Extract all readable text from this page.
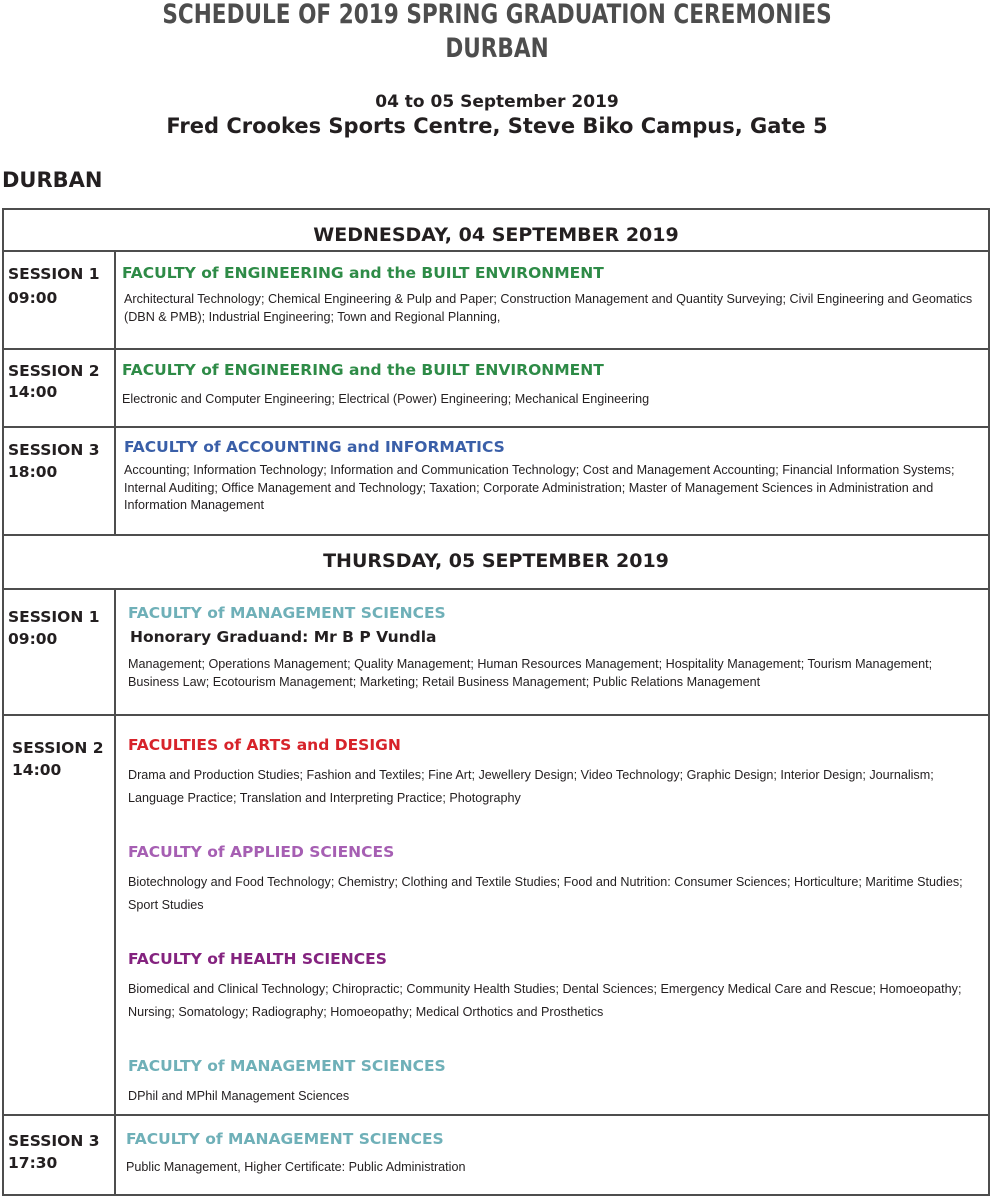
SCHEDULE OF 2019 SPRING GRADUATION CEREMONIES
DURBAN
04 to 05 September 2019
Fred Crookes Sports Centre, Steve Biko Campus, Gate 5
DURBAN
WEDNESDAY, 04 SEPTEMBER 2019
SESSION 1
09:00
FACULTY of ENGINEERING and the BUILT ENVIRONMENT
Architectural Technology; Chemical Engineering & Pulp and Paper; Construction Management and Quantity Surveying; Civil Engineering and Geomatics (DBN & PMB); Industrial Engineering; Town and Regional Planning,
SESSION 2
14:00
FACULTY of ENGINEERING and the BUILT ENVIRONMENT
Electronic and Computer Engineering; Electrical (Power) Engineering; Mechanical Engineering
SESSION 3
18:00
FACULTY of ACCOUNTING and INFORMATICS
Accounting; Information Technology; Information and Communication Technology; Cost and Management Accounting; Financial Information Systems; Internal Auditing; Office Management and Technology; Taxation; Corporate Administration; Master of Management Sciences in Administration and Information Management
THURSDAY, 05 SEPTEMBER 2019
SESSION 1
09:00
FACULTY of MANAGEMENT SCIENCES
Honorary Graduand: Mr B P Vundla
Management; Operations Management; Quality Management; Human Resources Management; Hospitality Management; Tourism Management; Business Law; Ecotourism Management; Marketing; Retail Business Management; Public Relations Management
SESSION 2
14:00
FACULTIES of ARTS and DESIGN
Drama and Production Studies; Fashion and Textiles; Fine Art; Jewellery Design; Video Technology; Graphic Design; Interior Design; Journalism; Language Practice; Translation and Interpreting Practice; Photography
FACULTY of APPLIED SCIENCES
Biotechnology and Food Technology; Chemistry; Clothing and Textile Studies; Food and Nutrition: Consumer Sciences; Horticulture; Maritime Studies; Sport Studies
FACULTY of HEALTH SCIENCES
Biomedical and Clinical Technology; Chiropractic; Community Health Studies; Dental Sciences; Emergency Medical Care and Rescue; Homoeopathy; Nursing; Somatology; Radiography; Homoeopathy; Medical Orthotics and Prosthetics
FACULTY of MANAGEMENT SCIENCES
DPhil and MPhil Management Sciences
SESSION 3
17:30
FACULTY of MANAGEMENT SCIENCES
Public Management, Higher Certificate: Public Administration
